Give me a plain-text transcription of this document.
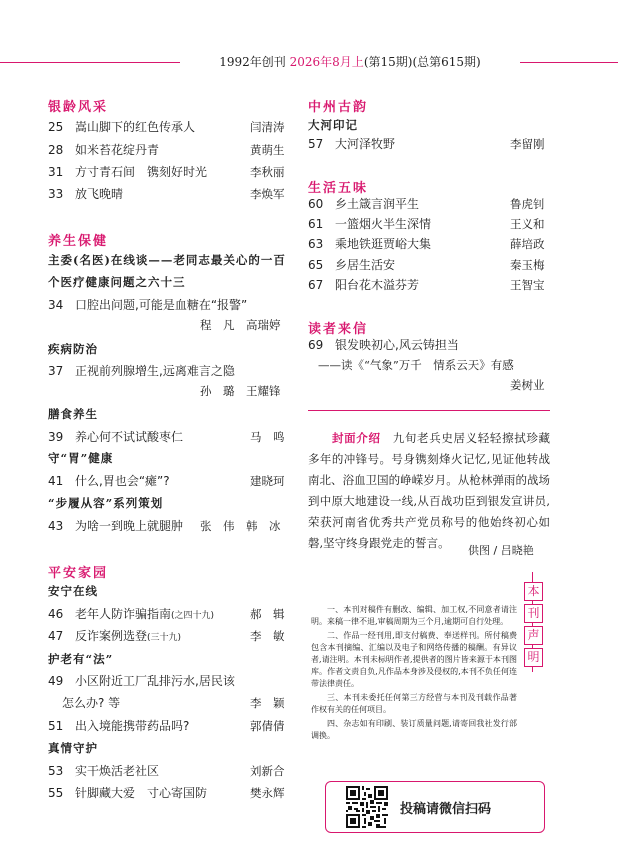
1992年创刊 2026年8月上(第15期)(总第615期)
银龄风采
25 嵩山脚下的红色传承人	闫清涛
28 如米苔花绽丹青	黄萌生
31 方寸青石间　镌刻好时光	李秋丽
33 放飞晚晴	李焕军
养生保健
主委(名医)在线谈——老同志最关心的一百
个医疗健康问题之六十三
34 口腔出问题,可能是血糖在“报警”
程　凡　高瑞婷
疾病防治
37 正视前列腺增生,远离难言之隐
孙　璐　王耀锋
膳食养生
39 养心何不试试酸枣仁	马　鸣
守“胃”健康
41 什么,胃也会“瘫”?	建晓珂
“步履从容”系列策划
43 为啥一到晚上就腿肿 张　伟　韩　冰
平安家园
安宁在线
46 老年人防诈骗指南(之四十九)	郝　辑
47 反诈案例选登(三十九)	李　敏
护老有“法”
49 小区附近工厂乱排污水,居民该
怎么办? 等	李　颖
51 出入境能携带药品吗?	郭倩倩
真情守护
53 实干焕活老社区	刘新合
55 针脚藏大爱　寸心寄国防	樊永辉
中州古韵
大河印记
57 大河泽牧野	李留刚
生活五味
60 乡土箴言润平生	鲁虎钊
61 一篮烟火半生深情	王义和
63 乘地铁逛贾峪大集	薛培政
65 乡居生活安	秦玉梅
67 阳台花木溢芬芳	王智宝
读者来信
69 银发映初心,风云铸担当
——读《“气象”万千　情系云天》有感
姜树业
封面介绍　 九旬老兵史居义轻轻擦拭珍藏多年的冲锋号。号身镌刻烽火记忆,见证他转战南北、浴血卫国的峥嵘岁月。从枪林弹雨的战场到中原大地建设一线,从百战功臣到银发宣讲员,荣获河南省优秀共产党员称号的他始终初心如磐,坚守终身跟党走的誓言。
供图 / 吕晓艳
本
刊
声
明

一、本刊对稿件有删改、编辑、加工权,不同意者请注明。来稿一律不退,审稿周期为三个月,逾期可自行处理。

二、作品一经刊用,即支付稿费、奉送样刊。所付稿费包含本刊摘编、汇编以及电子和网络传播的稿酬。有异议者,请注明。本刊未标明作者,提供者的图片皆来源于本刊图库。作者文责自负,凡作品本身涉及侵权的,本刊不负任何连带法律责任。

三、本刊未委托任何第三方经营与本刊及刊载作品著作权有关的任何项目。

四、杂志如有印刷、装订质量问题,请寄回我社发行部调换。

投稿请微信扫码
